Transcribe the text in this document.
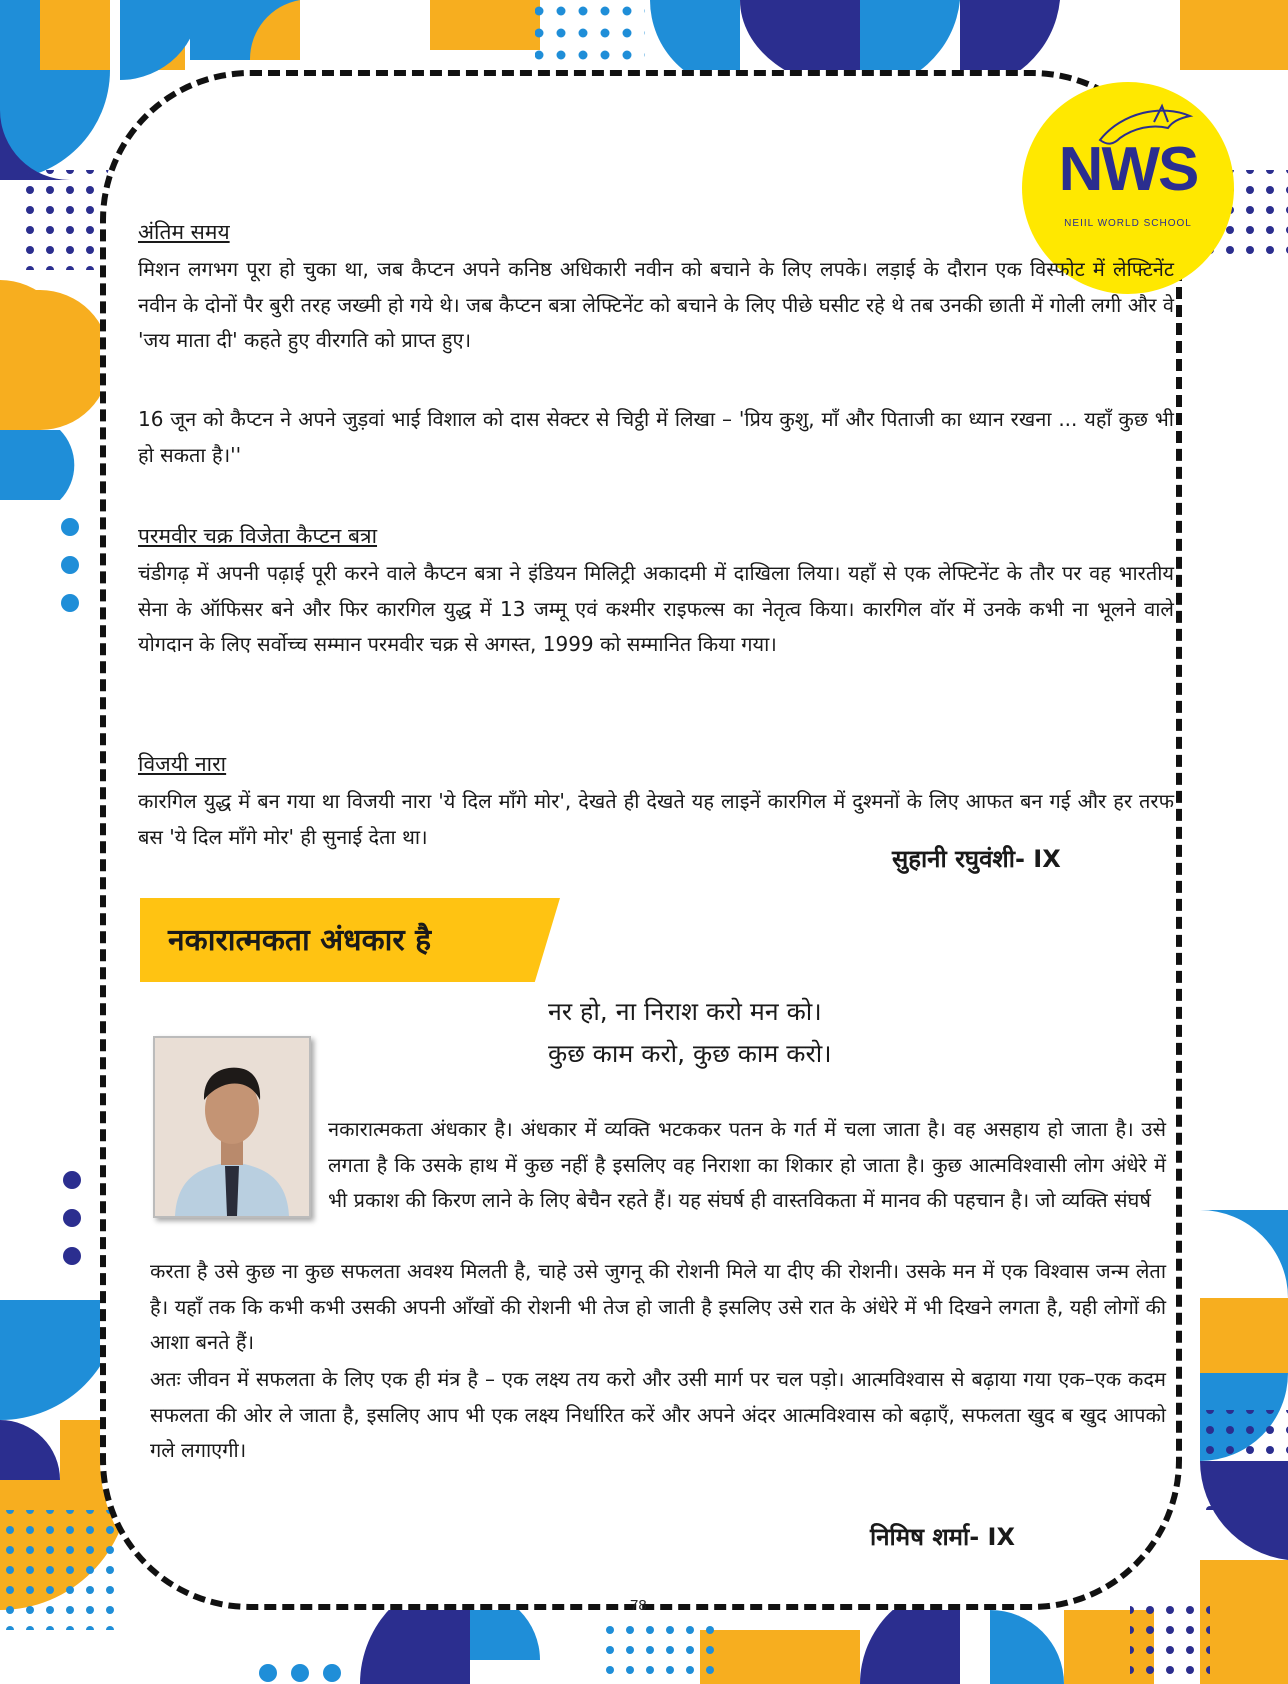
NWS
NEIIL WORLD SCHOOL
अंतिम समय

मिशन लगभग पूरा हो चुका था, जब कैप्टन अपने कनिष्ठ अधिकारी नवीन को बचाने के लिए लपके। लड़ाई के दौरान एक विस्फोट में लेफ्टिनेंट नवीन के दोनों पैर बुरी तरह जख्मी हो गये थे। जब कैप्टन बत्रा लेफ्टिनेंट को बचाने के लिए पीछे घसीट रहे थे तब उनकी छाती में गोली लगी और वे 'जय माता दी' कहते हुए वीरगति को प्राप्त हुए।

16 जून को कैप्टन ने अपने जुड़वां भाई विशाल को दास सेक्टर से चिट्ठी में लिखा – 'प्रिय कुशु, माँ और पिताजी का ध्यान रखना ... यहाँ कुछ भी हो सकता है।''

परमवीर चक्र विजेता कैप्टन बत्रा

चंडीगढ़ में अपनी पढ़ाई पूरी करने वाले कैप्टन बत्रा ने इंडियन मिलिट्री अकादमी में दाखिला लिया। यहाँ से एक लेफ्टिनेंट के तौर पर वह भारतीय सेना के ऑफिसर बने और फिर कारगिल युद्ध में 13 जम्मू एवं कश्मीर राइफल्स का नेतृत्व किया। कारगिल वॉर में उनके कभी ना भूलने वाले योगदान के लिए सर्वोच्च सम्मान परमवीर चक्र से अगस्त, 1999 को सम्मानित किया गया।

विजयी नारा

कारगिल युद्ध में बन गया था विजयी नारा 'ये दिल माँगे मोर', देखते ही देखते यह लाइनें कारगिल में दुश्मनों के लिए आफत बन गई और हर तरफ बस 'ये दिल माँगे मोर' ही सुनाई देता था।

सुहानी रघुवंशी- IX
नकारात्मकता अंधकार है
नर हो, ना निराश करो मन को।
कुछ काम करो, कुछ काम करो।

नकारात्मकता अंधकार है। अंधकार में व्यक्ति भटककर पतन के गर्त में चला जाता है। वह असहाय हो जाता है। उसे लगता है कि उसके हाथ में कुछ नहीं है इसलिए वह निराशा का शिकार हो जाता है। कुछ आत्मविश्वासी लोग अंधेरे में भी प्रकाश की किरण लाने के लिए बेचैन रहते हैं। यह संघर्ष ही वास्तविकता में मानव की पहचान है। जो व्यक्ति संघर्ष

करता है उसे कुछ ना कुछ सफलता अवश्य मिलती है, चाहे उसे जुगनू की रोशनी मिले या दीए की रोशनी। उसके मन में एक विश्वास जन्म लेता है। यहाँ तक कि कभी कभी उसकी अपनी आँखों की रोशनी भी तेज हो जाती है इसलिए उसे रात के अंधेरे में भी दिखने लगता है, यही लोगों की आशा बनते हैं।

अतः जीवन में सफलता के लिए एक ही मंत्र है – एक लक्ष्य तय करो और उसी मार्ग पर चल पड़ो। आत्मविश्वास से बढ़ाया गया एक–एक कदम सफलता की ओर ले जाता है, इसलिए आप भी एक लक्ष्य निर्धारित करें और अपने अंदर आत्मविश्वास को बढ़ाएँ, सफलता खुद ब खुद आपको गले लगाएगी।

निमिष शर्मा- IX
78
